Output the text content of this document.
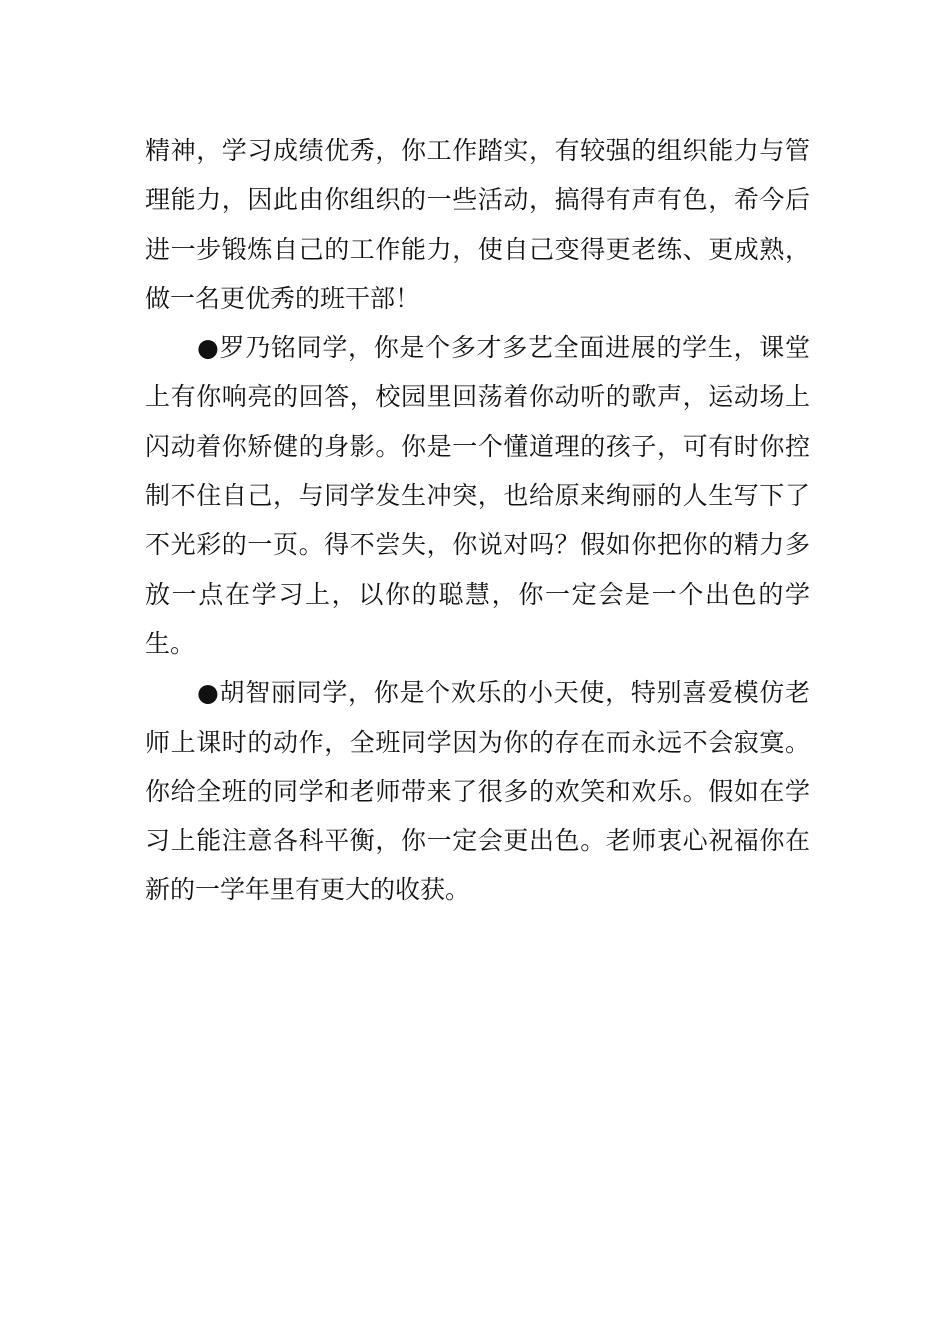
精神，学习成绩优秀，你工作踏实，有较强的组织能力与管理能力，因此由你组织的一些活动，搞得有声有色，希今后进一步锻炼自己的工作能力，使自己变得更老练、更成熟，做一名更优秀的班干部！

●罗乃铭同学，你是个多才多艺全面进展的学生，课堂上有你响亮的回答，校园里回荡着你动听的歌声，运动场上闪动着你矫健的身影。你是一个懂道理的孩子，可有时你控制不住自己，与同学发生冲突，也给原来绚丽的人生写下了不光彩的一页。得不尝失，你说对吗？假如你把你的精力多放一点在学习上，以你的聪慧，你一定会是一个出色的学生。

●胡智丽同学，你是个欢乐的小天使，特别喜爱模仿老师上课时的动作，全班同学因为你的存在而永远不会寂寞。你给全班的同学和老师带来了很多的欢笑和欢乐。假如在学习上能注意各科平衡，你一定会更出色。老师衷心祝福你在新的一学年里有更大的收获。
